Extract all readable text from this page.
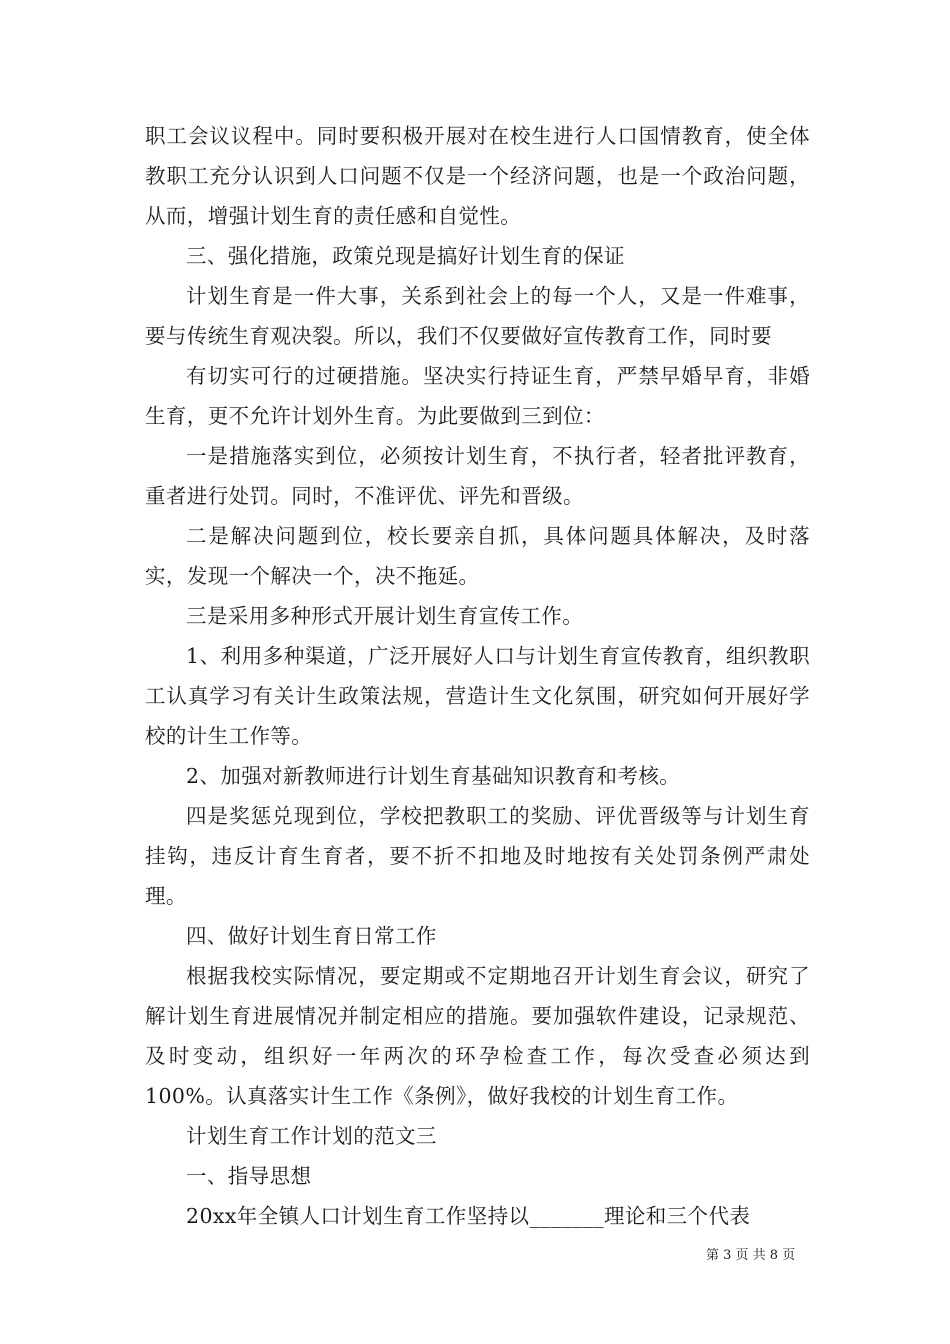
职工会议议程中。同时要积极开展对在校生进行人口国情教育，使全体教职工充分认识到人口问题不仅是一个经济问题，也是一个政治问题，从而，增强计划生育的责任感和自觉性。

三、强化措施，政策兑现是搞好计划生育的保证

计划生育是一件大事，关系到社会上的每一个人，又是一件难事，要与传统生育观决裂。所以，我们不仅要做好宣传教育工作，同时要

有切实可行的过硬措施。坚决实行持证生育，严禁早婚早育，非婚生育，更不允许计划外生育。为此要做到三到位：

一是措施落实到位，必须按计划生育，不执行者，轻者批评教育，重者进行处罚。同时，不准评优、评先和晋级。

二是解决问题到位，校长要亲自抓，具体问题具体解决，及时落实，发现一个解决一个，决不拖延。

三是采用多种形式开展计划生育宣传工作。

1、利用多种渠道，广泛开展好人口与计划生育宣传教育，组织教职工认真学习有关计生政策法规，营造计生文化氛围，研究如何开展好学校的计生工作等。

2、加强对新教师进行计划生育基础知识教育和考核。

四是奖惩兑现到位，学校把教职工的奖励、评优晋级等与计划生育挂钩，违反计育生育者，要不折不扣地及时地按有关处罚条例严肃处理。

四、做好计划生育日常工作

根据我校实际情况，要定期或不定期地召开计划生育会议，研究了解计划生育进展情况并制定相应的措施。要加强软件建设，记录规范、及时变动，组织好一年两次的环孕检查工作，每次受查必须达到100%。认真落实计生工作《条例》，做好我校的计划生育工作。

计划生育工作计划的范文三

一、指导思想

20xx年全镇人口计划生育工作坚持以_______理论和三个代表

第 3 页 共 8 页
